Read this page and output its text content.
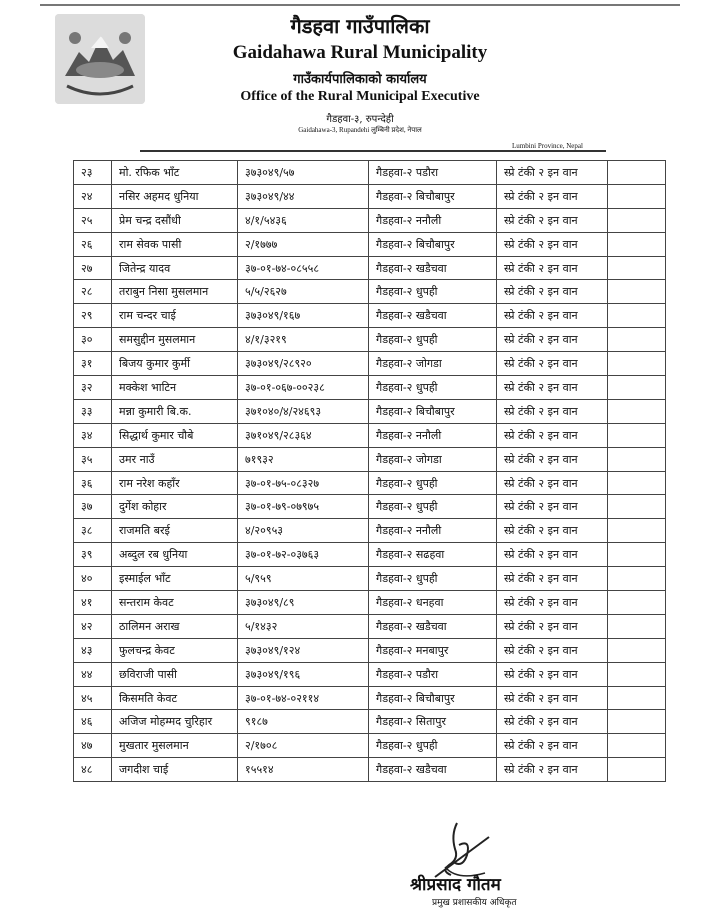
गैडहवा गाउँपालिका
Gaidahawa Rural Municipality
गाउँकार्यपालिकाको कार्यालय
Office of the Rural Municipal Executive
गैडहवा-३, रुपन्देही
Gaidahawa-3, Rupandehi लुम्बिनी प्रदेश, नेपाल
Lumbini Province, Nepal
२३	मो. रफिक भाँट	३७३०४९/५७	गैडहवा-२ पडौरा	स्प्रे टंकी २ इन वान	
२४	नसिर अहमद धुनिया	३७३०४९/४४	गैडहवा-२ बिचौबापुर	स्प्रे टंकी २ इन वान	
२५	प्रेम चन्द्र दसौंधी	४/१/५४३६	गैडहवा-२ ननौली	स्प्रे टंकी २ इन वान	
२६	राम सेवक पासी	२/१७७७	गैडहवा-२ बिचौबापुर	स्प्रे टंकी २ इन वान	
२७	जितेन्द्र यादव	३७-०१-७४-०८५५८	गैडहवा-२ खडैचवा	स्प्रे टंकी २ इन वान	
२८	तराबुन निसा मुसलमान	५/५/२६२७	गैडहवा-२ धुपही	स्प्रे टंकी २ इन वान	
२९	राम चन्दर चाई	३७३०४९/१६७	गैडहवा-२ खडैचवा	स्प्रे टंकी २ इन वान	
३०	समसुद्दीन मुसलमान	४/१/३२१९	गैडहवा-२ धुपही	स्प्रे टंकी २ इन वान	
३१	बिजय कुमार कुर्मी	३७३०४९/२८९२०	गैडहवा-२ जोगडा	स्प्रे टंकी २ इन वान	
३२	मक्केश भाटिन	३७-०१-०६७-००२३८	गैडहवा-२ धुपही	स्प्रे टंकी २ इन वान	
३३	मन्ना कुमारी बि.क.	३७१०४०/४/२४६९३	गैडहवा-२ बिचौबापुर	स्प्रे टंकी २ इन वान	
३४	सिद्धार्थ कुमार चौबे	३७१०४९/२८३६४	गैडहवा-२ ननौली	स्प्रे टंकी २ इन वान	
३५	उमर नाउँ	७१९३२	गैडहवा-२ जोगडा	स्प्रे टंकी २ इन वान	
३६	राम नरेश कहाँर	३७-०१-७५-०८३२७	गैडहवा-२ धुपही	स्प्रे टंकी २ इन वान	
३७	दुर्गेश कोहार	३७-०१-७९-०७९७५	गैडहवा-२ धुपही	स्प्रे टंकी २ इन वान	
३८	राजमति बरई	४/२०९५३	गैडहवा-२ ननौली	स्प्रे टंकी २ इन वान	
३९	अब्दुल रब धुनिया	३७-०१-७२-०३७६३	गैडहवा-२ सढहवा	स्प्रे टंकी २ इन वान	
४०	इस्माईल भाँट	५/९५९	गैडहवा-२ धुपही	स्प्रे टंकी २ इन वान	
४१	सन्तराम केवट	३७३०४९/८९	गैडहवा-२ धनहवा	स्प्रे टंकी २ इन वान	
४२	ठालिमन अराख	५/१४३२	गैडहवा-२ खडैचवा	स्प्रे टंकी २ इन वान	
४३	फुलचन्द्र केवट	३७३०४९/१२४	गैडहवा-२ मनबापुर	स्प्रे टंकी २ इन वान	
४४	छविराजी पासी	३७३०४९/१९६	गैडहवा-२ पडौरा	स्प्रे टंकी २ इन वान	
४५	किसमति केवट	३७-०१-७४-०२११४	गैडहवा-२ बिचौबापुर	स्प्रे टंकी २ इन वान	
४६	अजिज मोहम्मद चुरिहार	९१८७	गैडहवा-२ सितापुर	स्प्रे टंकी २ इन वान	
४७	मुखतार मुसलमान	२/१७०८	गैडहवा-२ धुपही	स्प्रे टंकी २ इन वान	
४८	जगदीश चाई	१५५१४	गैडहवा-२ खडैचवा	स्प्रे टंकी २ इन वान	
श्रीप्रसाद गौतम
प्रमुख प्रशासकीय अधिकृत
